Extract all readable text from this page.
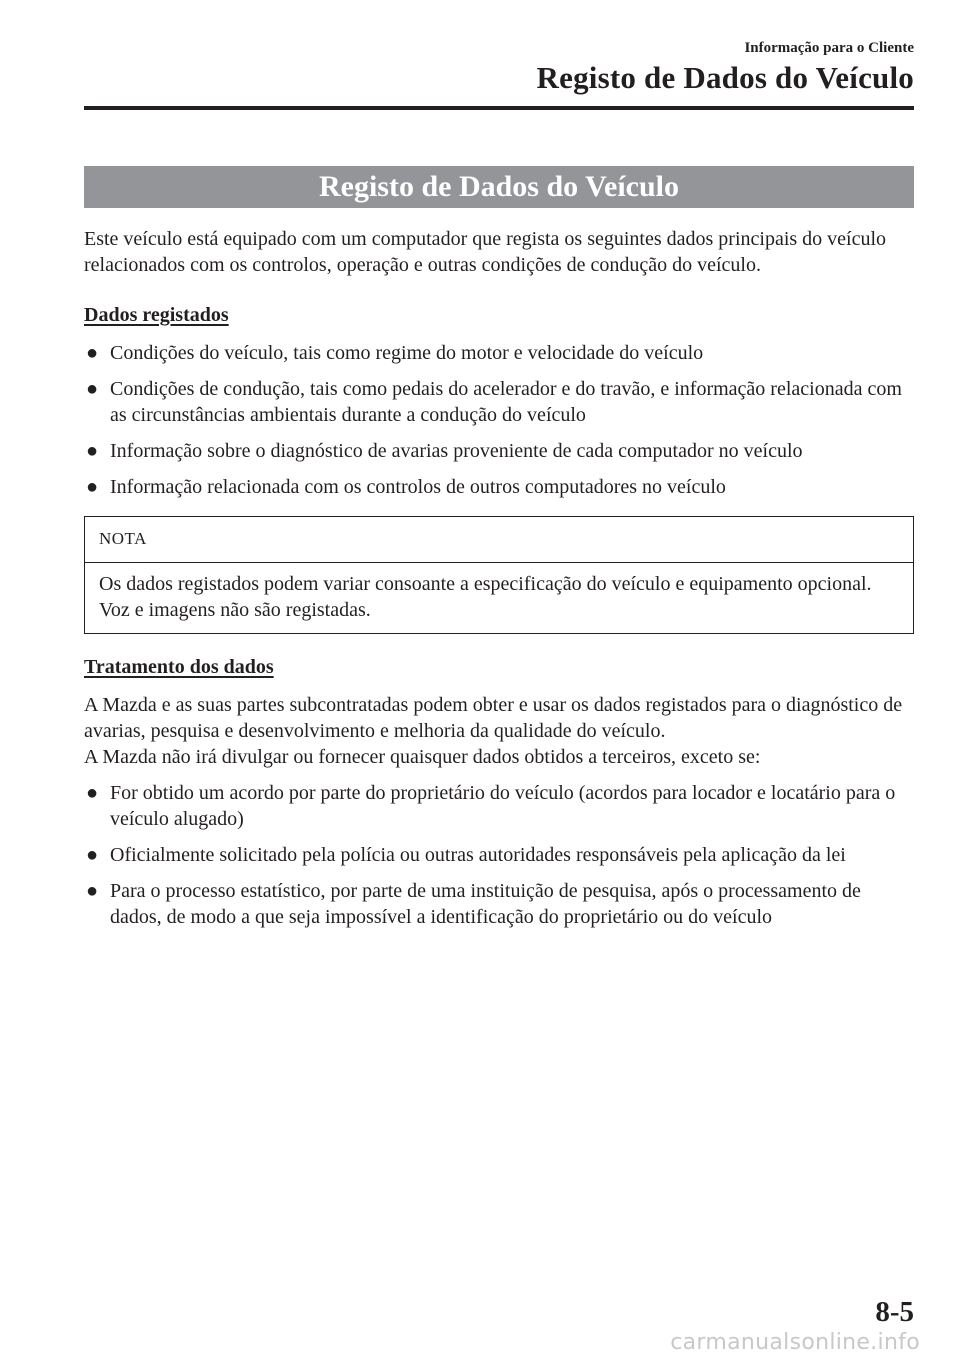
Informação para o Cliente
Registo de Dados do Veículo
Registo de Dados do Veículo

Este veículo está equipado com um computador que regista os seguintes dados principais do veículo relacionados com os controlos, operação e outras condições de condução do veículo.

Dados registados
● Condições do veículo, tais como regime do motor e velocidade do veículo
● Condições de condução, tais como pedais do acelerador e do travão, e informação relacionada com as circunstâncias ambientais durante a condução do veículo
● Informação sobre o diagnóstico de avarias proveniente de cada computador no veículo
● Informação relacionada com os controlos de outros computadores no veículo
NOTA
Os dados registados podem variar consoante a especificação do veículo e equipamento opcional. Voz e imagens não são registadas.
Tratamento dos dados

A Mazda e as suas partes subcontratadas podem obter e usar os dados registados para o diagnóstico de avarias, pesquisa e desenvolvimento e melhoria da qualidade do veículo.
A Mazda não irá divulgar ou fornecer quaisquer dados obtidos a terceiros, exceto se:

● For obtido um acordo por parte do proprietário do veículo (acordos para locador e locatário para o veículo alugado)
● Oficialmente solicitado pela polícia ou outras autoridades responsáveis pela aplicação da lei
● Para o processo estatístico, por parte de uma instituição de pesquisa, após o processamento de dados, de modo a que seja impossível a identificação do proprietário ou do veículo
8-5
carmanualsonline.info
